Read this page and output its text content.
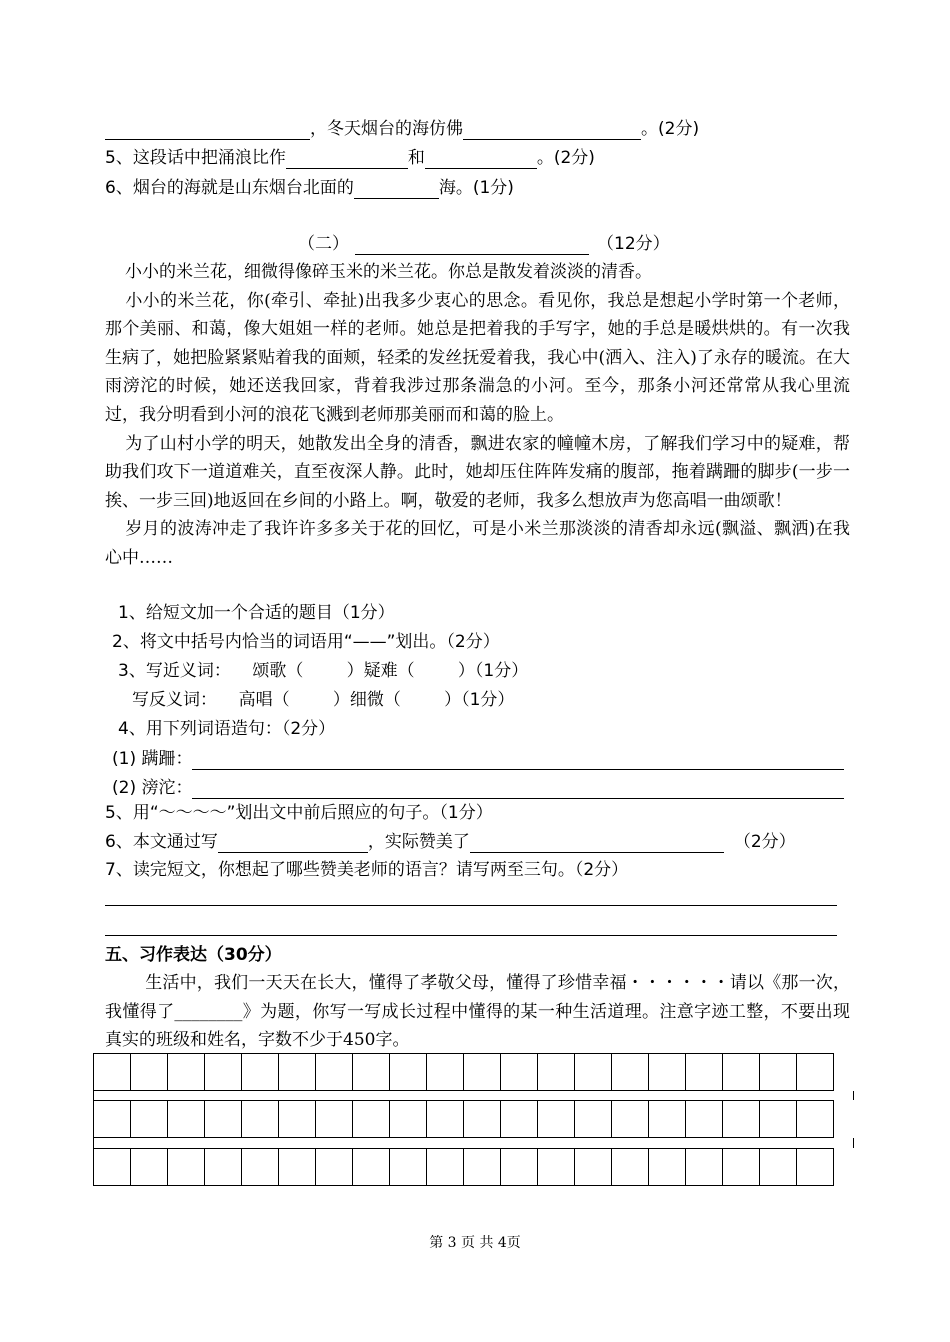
，冬天烟台的海仿佛	。(2分)
5、这段话中把涌浪比作	和	。(2分)
6、烟台的海就是山东烟台北面的	海。(1分)
（二）	（12分）
小小的米兰花，细微得像碎玉米的米兰花。你总是散发着淡淡的清香。
小小的米兰花，你(牵引、牵扯)出我多少衷心的思念。看见你，我总是想起小学时第一个老师，那个美丽、和蔼，像大姐姐一样的老师。她总是把着我的手写字，她的手总是暖烘烘的。有一次我生病了，她把脸紧紧贴着我的面颊，轻柔的发丝抚爱着我，我心中(洒入、注入)了永存的暖流。在大雨滂沱的时候，她还送我回家，背着我涉过那条湍急的小河。至今，那条小河还常常从我心里流过，我分明看到小河的浪花飞溅到老师那美丽而和蔼的脸上。
为了山村小学的明天，她散发出全身的清香，飘进农家的幢幢木房，了解我们学习中的疑难，帮助我们攻下一道道难关，直至夜深人静。此时，她却压住阵阵发痛的腹部，拖着蹒跚的脚步(一步一挨、一步三回)地返回在乡间的小路上。啊，敬爱的老师，我多么想放声为您高唱一曲颂歌！
岁月的波涛冲走了我许许多多关于花的回忆，可是小米兰那淡淡的清香却永远(飘溢、飘洒)在我心中……
1、给短文加一个合适的题目（1分）
2、将文中括号内恰当的词语用“——”划出。（2分）
3、写近义词：    颂歌（        ）疑难（        ）（1分）
写反义词：    高唱（        ）细微（        ）（1分）
4、用下列词语造句：（2分）
(1) 蹒跚：
(2) 滂沱：
5、用“～～～～”划出文中前后照应的句子。（1分）
6、本文通过写	，实际赞美了	（2分）
7、读完短文，你想起了哪些赞美老师的语言？请写两至三句。（2分）
五、习作表达（30分）
生活中，我们一天天在长大，懂得了孝敬父母，懂得了珍惜幸福・・・・・・请以《那一次，我懂得了________》为题，你写一写成长过程中懂得的某一种生活道理。注意字迹工整，不要出现真实的班级和姓名，字数不少于450字。

第 3 页 共 4页
